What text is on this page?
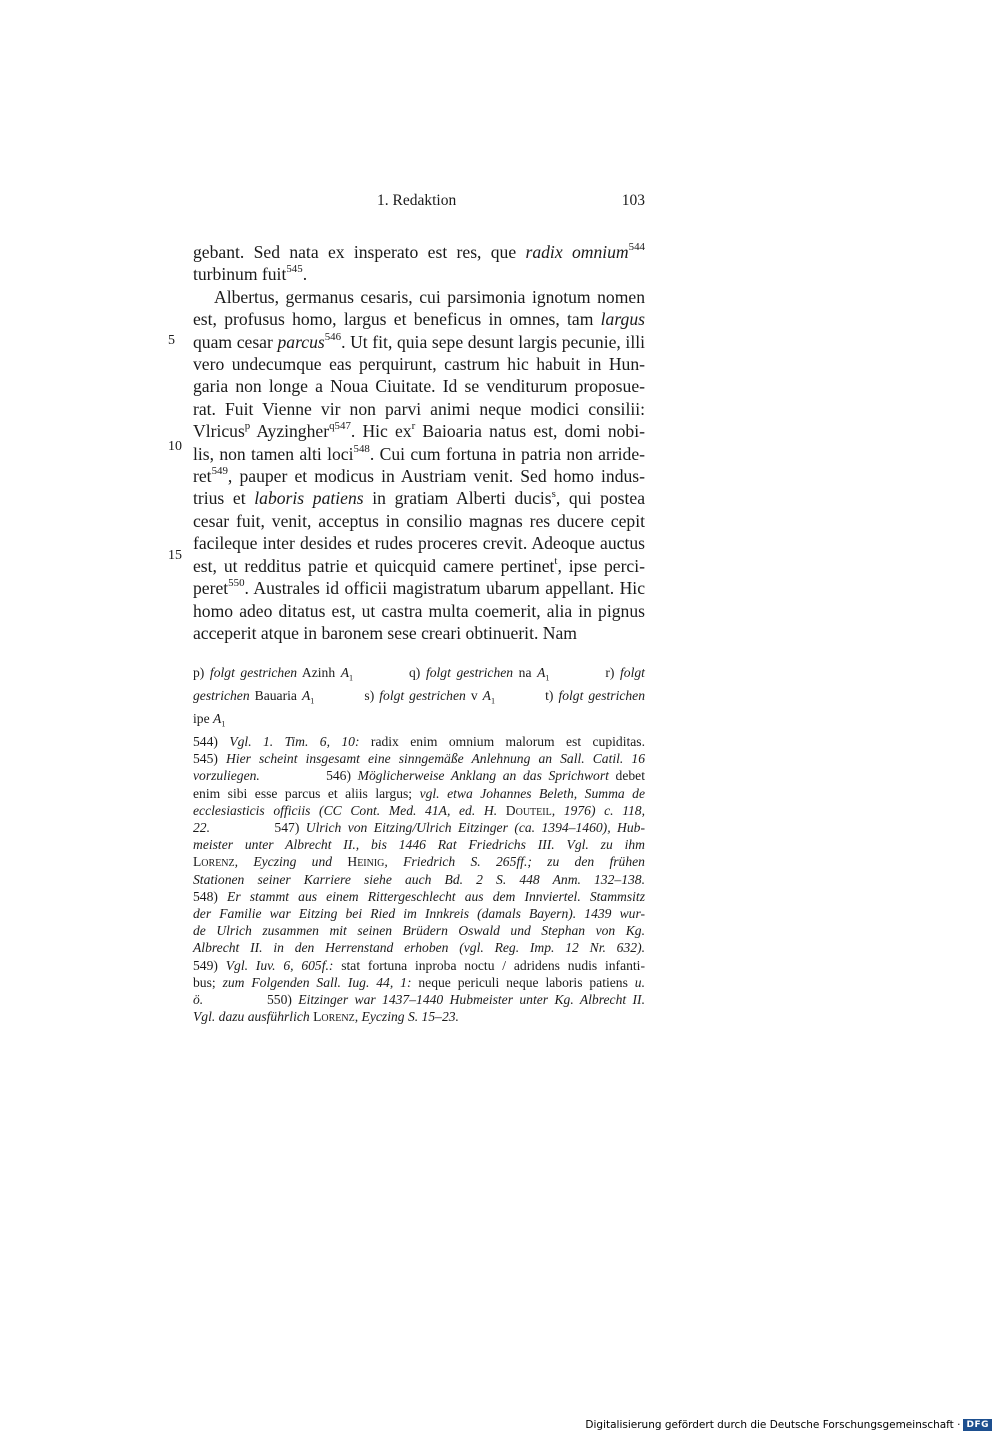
1. Redaktion	103
5
10
15
gebant. Sed nata ex insperato est res, que radix omnium$^{544}$
turbinum fuit$^{545}$.
Albertus, germanus cesaris, cui parsimonia ignotum nomen
est, profusus homo, largus et beneficus in omnes, tam largus
quam cesar parcus$^{546}$. Ut fit, quia sepe desunt largis pecunie, illi
vero undecumque eas perquirunt, castrum hic habuit in Hun-
garia non longe a Noua Ciuitate. Id se venditurum proposue-
rat. Fuit Vienne vir non parvi animi neque modici consilii:
Vlricus$^p$ Ayzingher$^{q547}$. Hic $ex^r$ Baioaria natus est, domi nobi-
lis, non tamen alti loci$^{548}$. Cui cum fortuna in patria non arride-
ret$^{549}$, pauper et modicus in Austriam venit. Sed homo indus-
trius et laboris patiens in gratiam Alberti ducis$^s$, qui postea
cesar fuit, venit, acceptus in consilio magnas res ducere cepit
facileque inter desides et rudes proceres crevit. Adeoque auctus
est, ut redditus patrie et quicquid camere pertinet$^t$, ipse perci-
peret$^{550}$. Australes id officii magistratum ubarum appellant. Hic
homo adeo ditatus est, ut castra multa coemerit, alia in pignus
acceperit atque in baronem sese creari obtinuerit. Nam
p) folgt gestrichen Azinh $A_1$          q) folgt gestrichen na $A_1$          r) folgt
gestrichen Bauaria $A_1$          s) folgt gestrichen v $A_1$          t) folgt gestrichen
ipe $A_1$
544) Vgl. 1. Tim. 6, 10: radix enim omnium malorum est cupiditas.
545) Hier scheint insgesamt eine sinngemäße Anlehnung an Sall. Catil. 16
vorzuliegen.          546) Möglicherweise Anklang an das Sprichwort debet
enim sibi esse parcus et aliis largus; vgl. etwa Johannes Beleth, Summa de
ecclesiasticis officiis (CC Cont. Med. 41A, ed. H. Douteil, 1976) c. 118,
22.          547) Ulrich von Eitzing/Ulrich Eitzinger (ca. 1394–1460), Hub-
meister unter Albrecht II., bis 1446 Rat Friedrichs III. Vgl. zu ihm
Lorenz, Eyczing und Heinig, Friedrich S. 265ff.; zu den frühen
Stationen seiner Karriere siehe auch Bd. 2 S. 448 Anm. 132–138.
548) Er stammt aus einem Rittergeschlecht aus dem Innviertel. Stammsitz
der Familie war Eitzing bei Ried im Innkreis (damals Bayern). 1439 wur-
de Ulrich zusammen mit seinen Brüdern Oswald und Stephan von Kg.
Albrecht II. in den Herrenstand erhoben (vgl. Reg. Imp. 12 Nr. 632).
549) Vgl. Iuv. 6, 605f.: stat fortuna inproba noctu / adridens nudis infanti-
bus; zum Folgenden Sall. Iug. 44, 1: neque periculi neque laboris patiens u.
ö.          550) Eitzinger war 1437–1440 Hubmeister unter Kg. Albrecht II.
Vgl. dazu ausführlich Lorenz, Eyczing S. 15–23.
Digitalisierung gefördert durch die Deutsche Forschungsgemeinschaft · DFG
